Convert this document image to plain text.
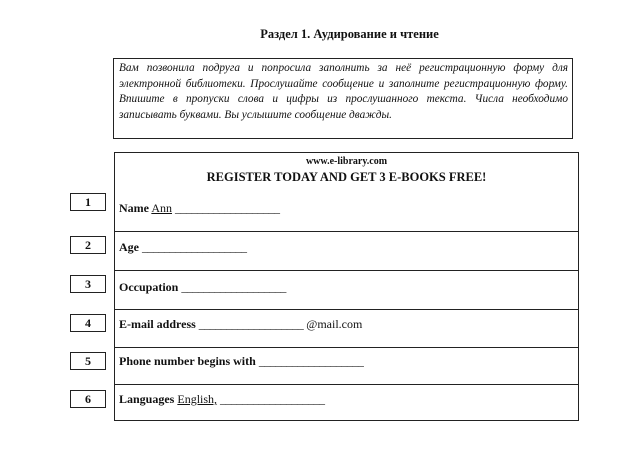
Раздел 1. Аудирование и чтение
Вам позвонила подруга и попросила заполнить за неё регистрационную форму для электронной библиотеки. Прослушайте сообщение и заполните регистрационную форму. Впишите в пропуски слова и цифры из прослушанного текста. Числа необходимо записывать буквами. Вы услышите сообщение дважды.
1
2
3
4
5
6
www.e-library.com
REGISTER TODAY AND GET 3 E-BOOKS FREE!
Name Ann ___________________
Age ___________________
Occupation ___________________
E-mail address ___________________ @mail.com
Phone number begins with ___________________
Languages English, ___________________
